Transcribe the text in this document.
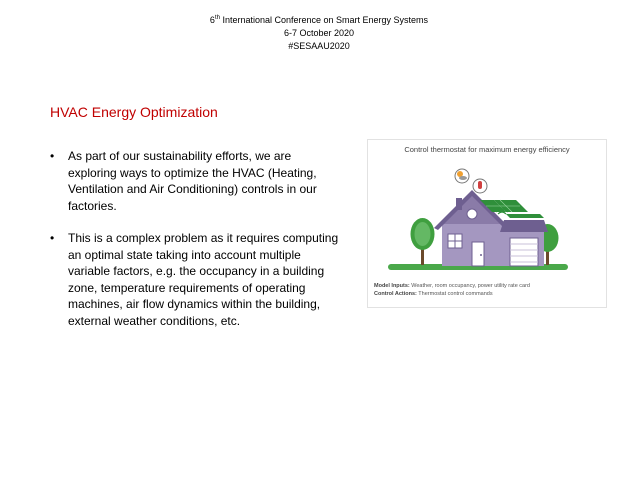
6th International Conference on Smart Energy Systems
6-7 October 2020
#SESAAU2020
HVAC Energy Optimization
• As part of our sustainability efforts, we are exploring ways to optimize the HVAC (Heating, Ventilation and Air Conditioning) controls in our factories.
• This is a complex problem as it requires computing an optimal state taking into account multiple variable factors, e.g. the occupancy in a building zone, temperature requirements of operating machines, air flow dynamics within the building, external weather conditions, etc.
Control thermostat for maximum energy efficiency
Model Inputs: Weather, room occupancy, power utility rate card
Control Actions: Thermostat control commands
